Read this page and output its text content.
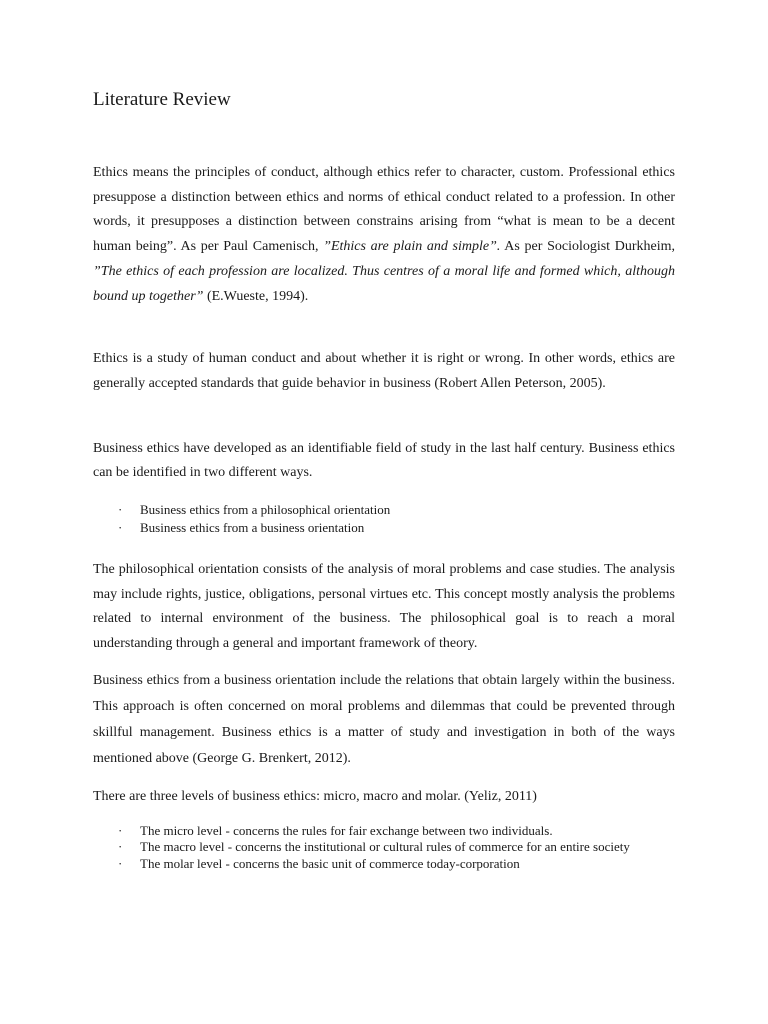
Literature Review

Ethics means the principles of conduct, although ethics refer to character, custom. Professional ethics presuppose a distinction between ethics and norms of ethical conduct related to a profession. In other words, it presupposes a distinction between constrains arising from “what is mean to be a decent human being”. As per Paul Camenisch, ”Ethics are plain and simple”. As per Sociologist Durkheim, ”The ethics of each profession are localized. Thus centres of a moral life and formed which, although bound up together” (E.Wueste, 1994).

Ethics is a study of human conduct and about whether it is right or wrong. In other words, ethics are generally accepted standards that guide behavior in business (Robert Allen Peterson, 2005).

Business ethics have developed as an identifiable field of study in the last half century. Business ethics can be identified in two different ways.

· Business ethics from a philosophical orientation
· Business ethics from a business orientation

The philosophical orientation consists of the analysis of moral problems and case studies. The analysis may include rights, justice, obligations, personal virtues etc. This concept mostly analysis the problems related to internal environment of the business. The philosophical goal is to reach a moral understanding through a general and important framework of theory.

Business ethics from a business orientation include the relations that obtain largely within the business. This approach is often concerned on moral problems and dilemmas that could be prevented through skillful management. Business ethics is a matter of study and investigation in both of the ways mentioned above (George G. Brenkert, 2012).

There are three levels of business ethics: micro, macro and molar. (Yeliz, 2011)

· The micro level - concerns the rules for fair exchange between two individuals.
· The macro level - concerns the institutional or cultural rules of commerce for an entire society
· The molar level - concerns the basic unit of commerce today-corporation
